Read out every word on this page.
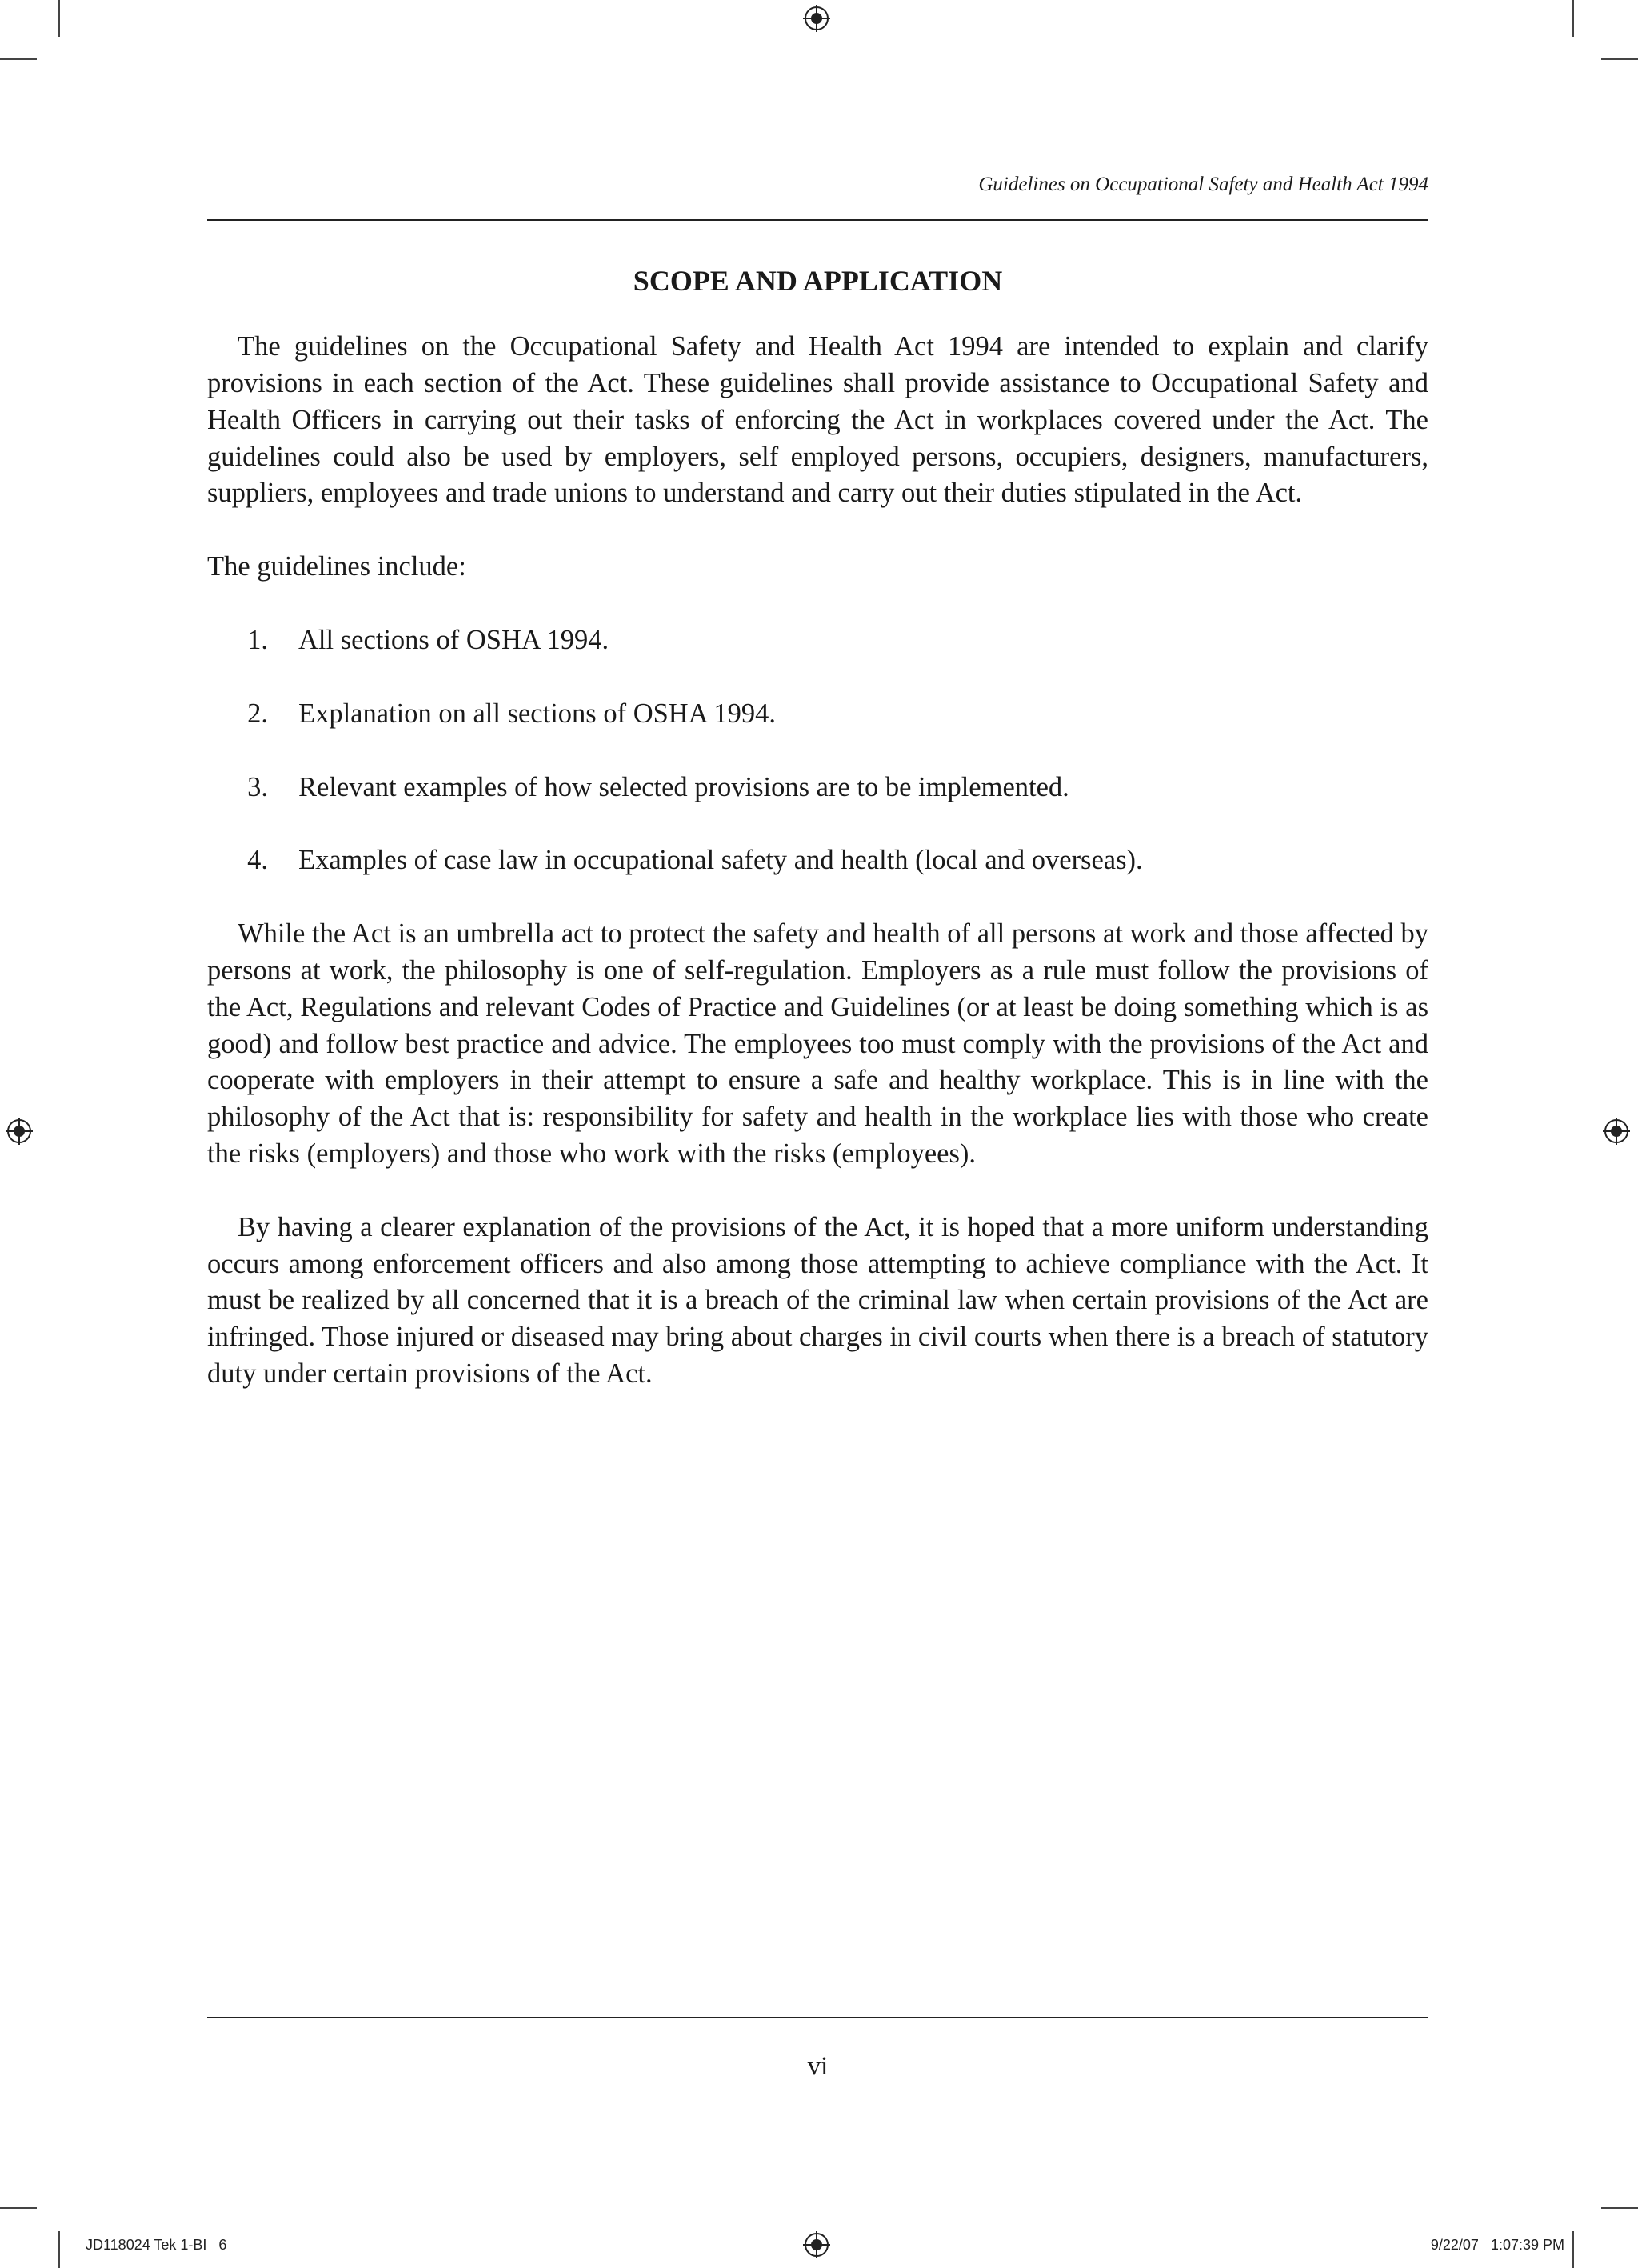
Guidelines on Occupational Safety and Health Act 1994
SCOPE AND APPLICATION

The guidelines on the Occupational Safety and Health Act 1994 are intended to explain and clarify provisions in each section of the Act. These guidelines shall provide assistance to Occupational Safety and Health Officers in carrying out their tasks of enforcing the Act in workplaces covered under the Act. The guidelines could also be used by employers, self employed persons, occupiers, designers, manufacturers, suppliers, employees and trade unions to understand and carry out their duties stipulated in the Act.

The guidelines include:

1. All sections of OSHA 1994.
2. Explanation on all sections of OSHA 1994.
3. Relevant examples of how selected provisions are to be implemented.
4. Examples of case law in occupational safety and health (local and overseas).

While the Act is an umbrella act to protect the safety and health of all persons at work and those affected by persons at work, the philosophy is one of self-regulation. Employers as a rule must follow the provisions of the Act, Regulations and relevant Codes of Practice and Guidelines (or at least be doing something which is as good) and follow best practice and advice. The employees too must comply with the provisions of the Act and cooperate with employers in their attempt to ensure a safe and healthy workplace. This is in line with the philosophy of the Act that is: responsibility for safety and health in the workplace lies with those who create the risks (employers) and those who work with the risks (employees).

By having a clearer explanation of the provisions of the Act, it is hoped that a more uniform understanding occurs among enforcement officers and also among those attempting to achieve compliance with the Act. It must be realized by all concerned that it is a breach of the criminal law when certain provisions of the Act are infringed. Those injured or diseased may bring about charges in civil courts when there is a breach of statutory duty under certain provisions of the Act.

vi
JD118024 Tek 1-BI   6	9/22/07   1:07:39 PM
